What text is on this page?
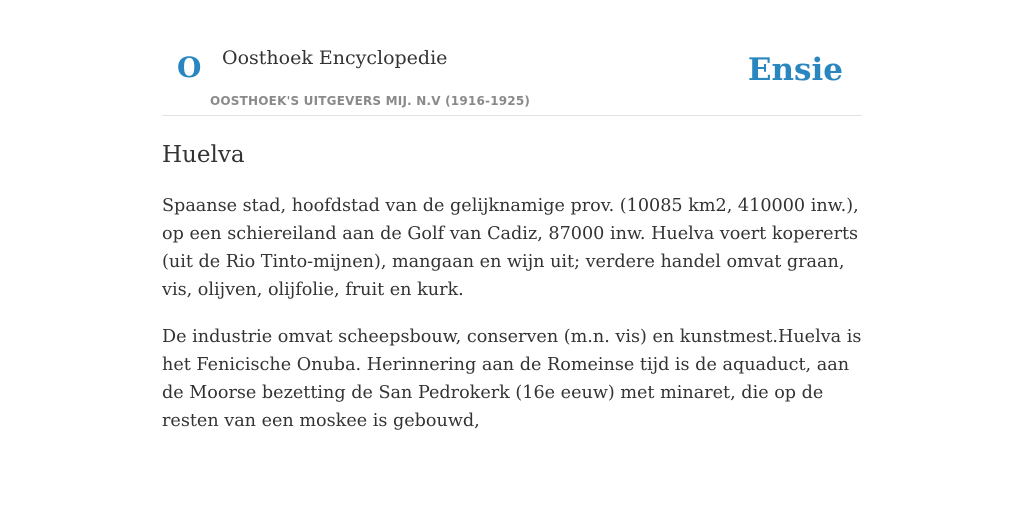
O Oosthoek Encyclopedie
OOSTHOEK'S UITGEVERS MIJ. N.V (1916-1925)
Ensie
Huelva

Spaanse stad, hoofdstad van de gelijknamige prov. (10085 km2, 410000 inw.), op een schiereiland aan de Golf van Cadiz, 87000 inw. Huelva voert kopererts (uit de Rio Tinto-mijnen), mangaan en wijn uit; verdere handel omvat graan, vis, olijven, olijfolie, fruit en kurk.

De industrie omvat scheepsbouw, conserven (m.n. vis) en kunstmest.Huelva is het Fenicische Onuba. Herinnering aan de Romeinse tijd is de aquaduct, aan de Moorse bezetting de San Pedrokerk (16e eeuw) met minaret, die op de resten van een moskee is gebouwd,
